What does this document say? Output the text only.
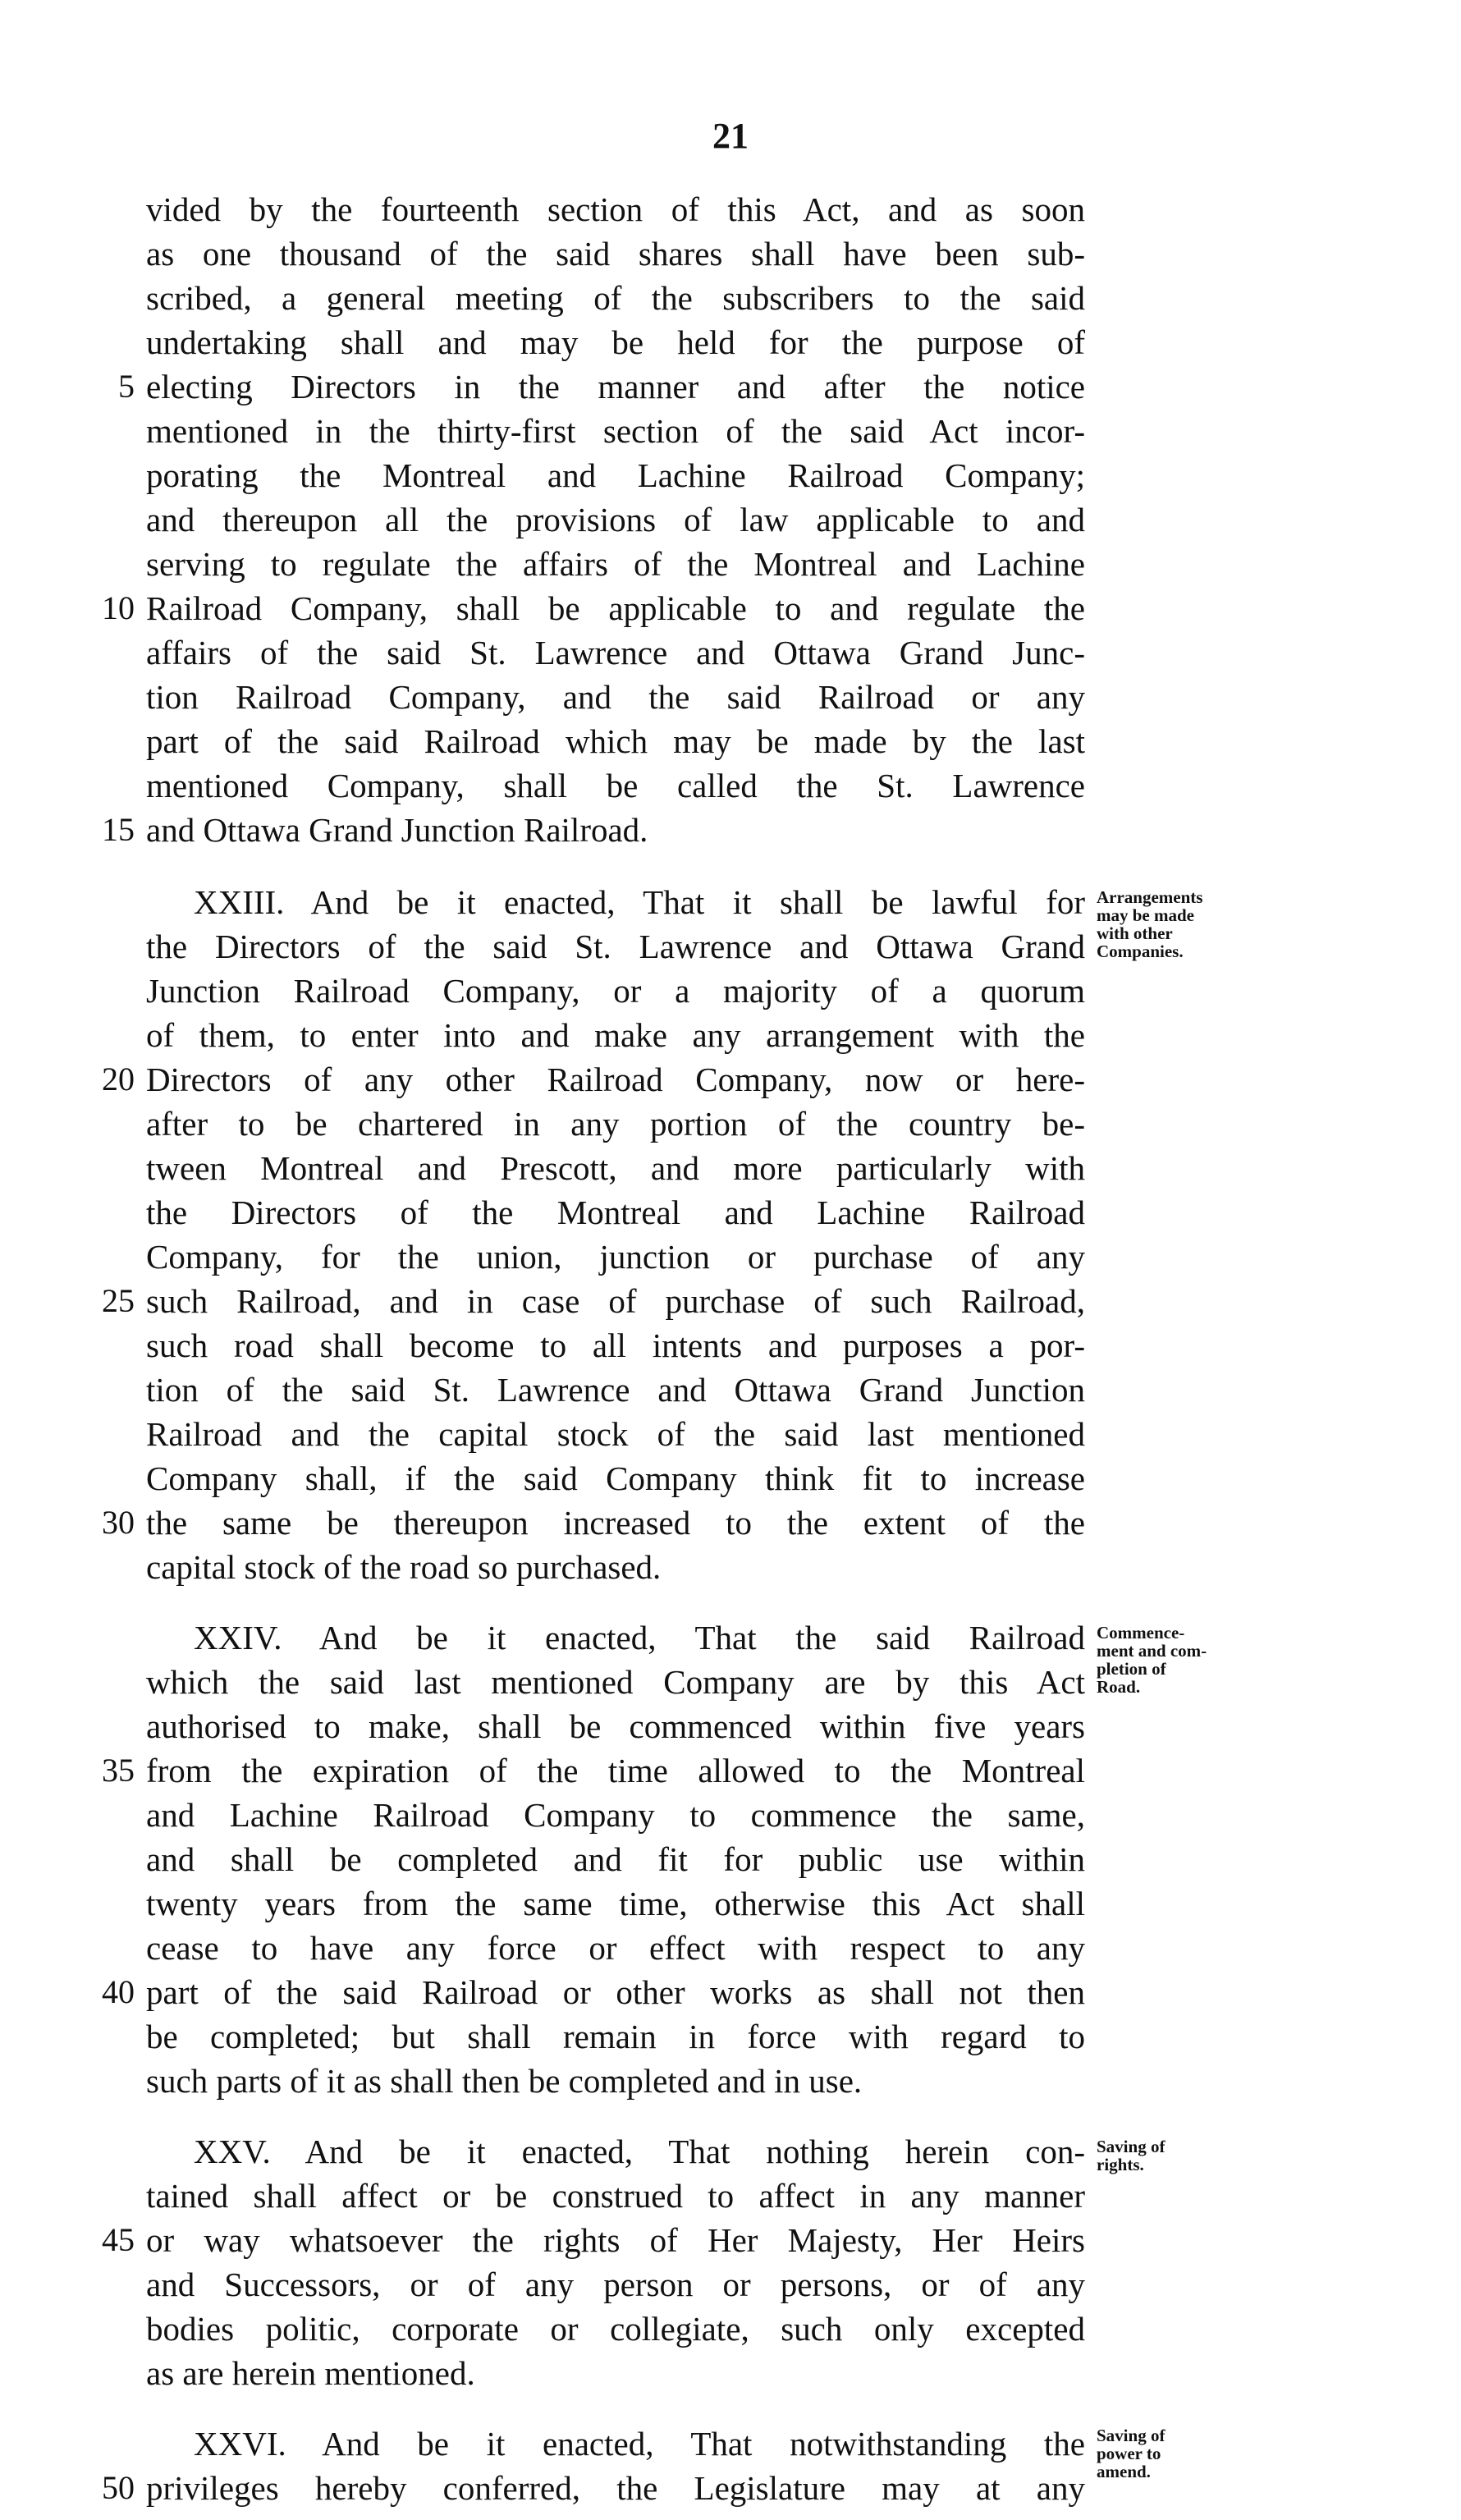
21
vided by the fourteenth section of this Act, and as soon
as one thousand of the said shares shall have been sub-
scribed, a general meeting of the subscribers to the said
undertaking shall and may be held for the purpose of
electing Directors in the manner and after the notice
mentioned in the thirty-first section of the said Act incor-
porating the Montreal and Lachine Railroad Company;
and thereupon all the provisions of law applicable to and
serving to regulate the affairs of the Montreal and Lachine
Railroad Company, shall be applicable to and regulate the
affairs of the said St. Lawrence and Ottawa Grand Junc-
tion Railroad Company, and the said Railroad or any
part of the said Railroad which may be made by the last
mentioned Company, shall be called the St. Lawrence
and Ottawa Grand Junction Railroad.
XXIII. And be it enacted, That it shall be lawful for
the Directors of the said St. Lawrence and Ottawa Grand
Junction Railroad Company, or a majority of a quorum
of them, to enter into and make any arrangement with the
Directors of any other Railroad Company, now or here-
after to be chartered in any portion of the country be-
tween Montreal and Prescott, and more particularly with
the Directors of the Montreal and Lachine Railroad
Company, for the union, junction or purchase of any
such Railroad, and in case of purchase of such Railroad,
such road shall become to all intents and purposes a por-
tion of the said St. Lawrence and Ottawa Grand Junction
Railroad and the capital stock of the said last mentioned
Company shall, if the said Company think fit to increase
the same be thereupon increased to the extent of the
capital stock of the road so purchased.
Arrangements
may be made
with other
Companies.
XXIV. And be it enacted, That the said Railroad
which the said last mentioned Company are by this Act
authorised to make, shall be commenced within five years
from the expiration of the time allowed to the Montreal
and Lachine Railroad Company to commence the same,
and shall be completed and fit for public use within
twenty years from the same time, otherwise this Act shall
cease to have any force or effect with respect to any
part of the said Railroad or other works as shall not then
be completed; but shall remain in force with regard to
such parts of it as shall then be completed and in use.
Commence-
ment and com-
pletion of
Road.
XXV. And be it enacted, That nothing herein con-
tained shall affect or be construed to affect in any manner
or way whatsoever the rights of Her Majesty, Her Heirs
and Successors, or of any person or persons, or of any
bodies politic, corporate or collegiate, such only excepted
as are herein mentioned.
Saving of
rights.
XXVI. And be it enacted, That notwithstanding the
privileges hereby conferred, the Legislature may at any
Saving of
power to
amend.
5
10
15
20
25
30
35
40
45
50
